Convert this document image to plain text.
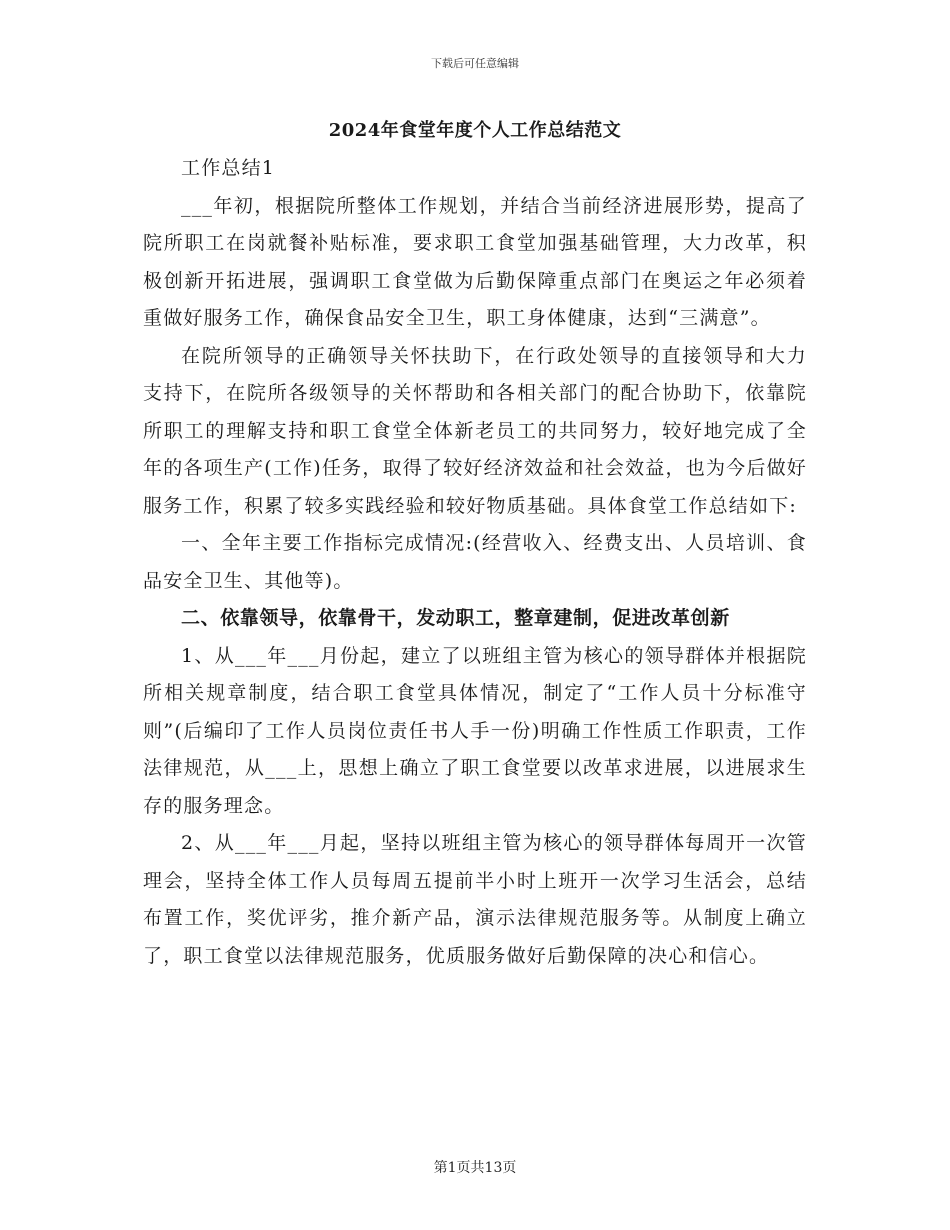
下载后可任意编辑
2024年食堂年度个人工作总结范文

工作总结1

___年初，根据院所整体工作规划，并结合当前经济进展形势，提高了院所职工在岗就餐补贴标准，要求职工食堂加强基础管理，大力改革，积极创新开拓进展，强调职工食堂做为后勤保障重点部门在奥运之年必须着重做好服务工作，确保食品安全卫生，职工身体健康，达到“三满意”。

在院所领导的正确领导关怀扶助下，在行政处领导的直接领导和大力支持下，在院所各级领导的关怀帮助和各相关部门的配合协助下，依靠院所职工的理解支持和职工食堂全体新老员工的共同努力，较好地完成了全年的各项生产(工作)任务，取得了较好经济效益和社会效益，也为今后做好服务工作，积累了较多实践经验和较好物质基础。具体食堂工作总结如下:

一、全年主要工作指标完成情况:(经营收入、经费支出、人员培训、食品安全卫生、其他等)。

二、依靠领导，依靠骨干，发动职工，整章建制，促进改革创新

1、从___年___月份起，建立了以班组主管为核心的领导群体并根据院所相关规章制度，结合职工食堂具体情况，制定了“工作人员十分标准守则”(后编印了工作人员岗位责任书人手一份)明确工作性质工作职责，工作法律规范，从___上，思想上确立了职工食堂要以改革求进展，以进展求生存的服务理念。

2、从___年___月起，坚持以班组主管为核心的领导群体每周开一次管理会，坚持全体工作人员每周五提前半小时上班开一次学习生活会，总结布置工作，奖优评劣，推介新产品，演示法律规范服务等。从制度上确立了，职工食堂以法律规范服务，优质服务做好后勤保障的决心和信心。

第1页共13页
